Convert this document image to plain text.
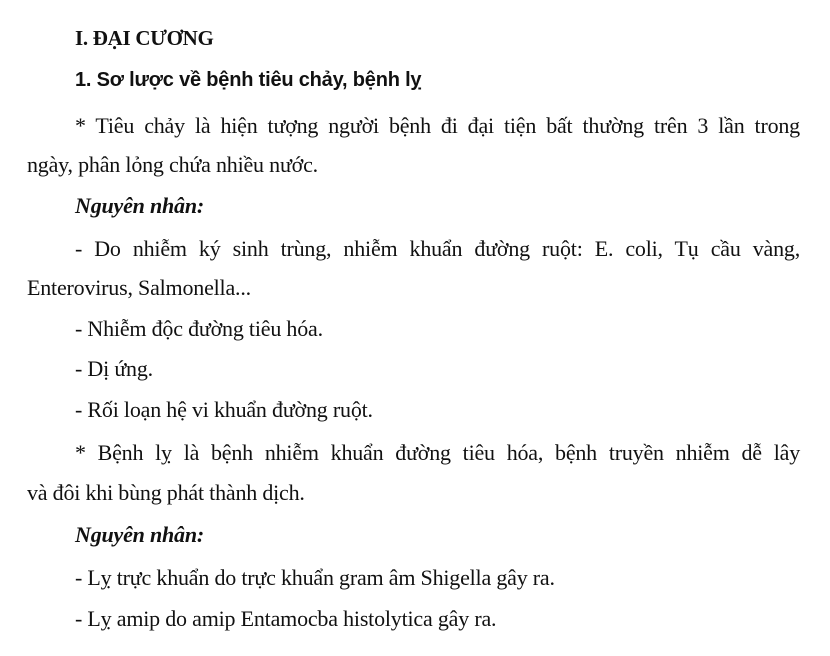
I. ĐẠI CƯƠNG
1. Sơ lược về bệnh tiêu chảy, bệnh lỵ
* Tiêu chảy là hiện tượng người bệnh đi đại tiện bất thường trên 3 lần trong
ngày, phân lỏng chứa nhiều nước.
Nguyên nhân:
- Do nhiễm ký sinh trùng, nhiễm khuẩn đường ruột: E. coli, Tụ cầu vàng,
Enterovirus, Salmonella...
- Nhiễm độc đường tiêu hóa.
- Dị ứng.
- Rối loạn hệ vi khuẩn đường ruột.
* Bệnh lỵ là bệnh nhiễm khuẩn đường tiêu hóa, bệnh truyền nhiễm dễ lây
và đôi khi bùng phát thành dịch.
Nguyên nhân:
- Lỵ trực khuẩn do trực khuẩn gram âm Shigella gây ra.
- Lỵ amip do amip Entamocba histolytica gây ra.
